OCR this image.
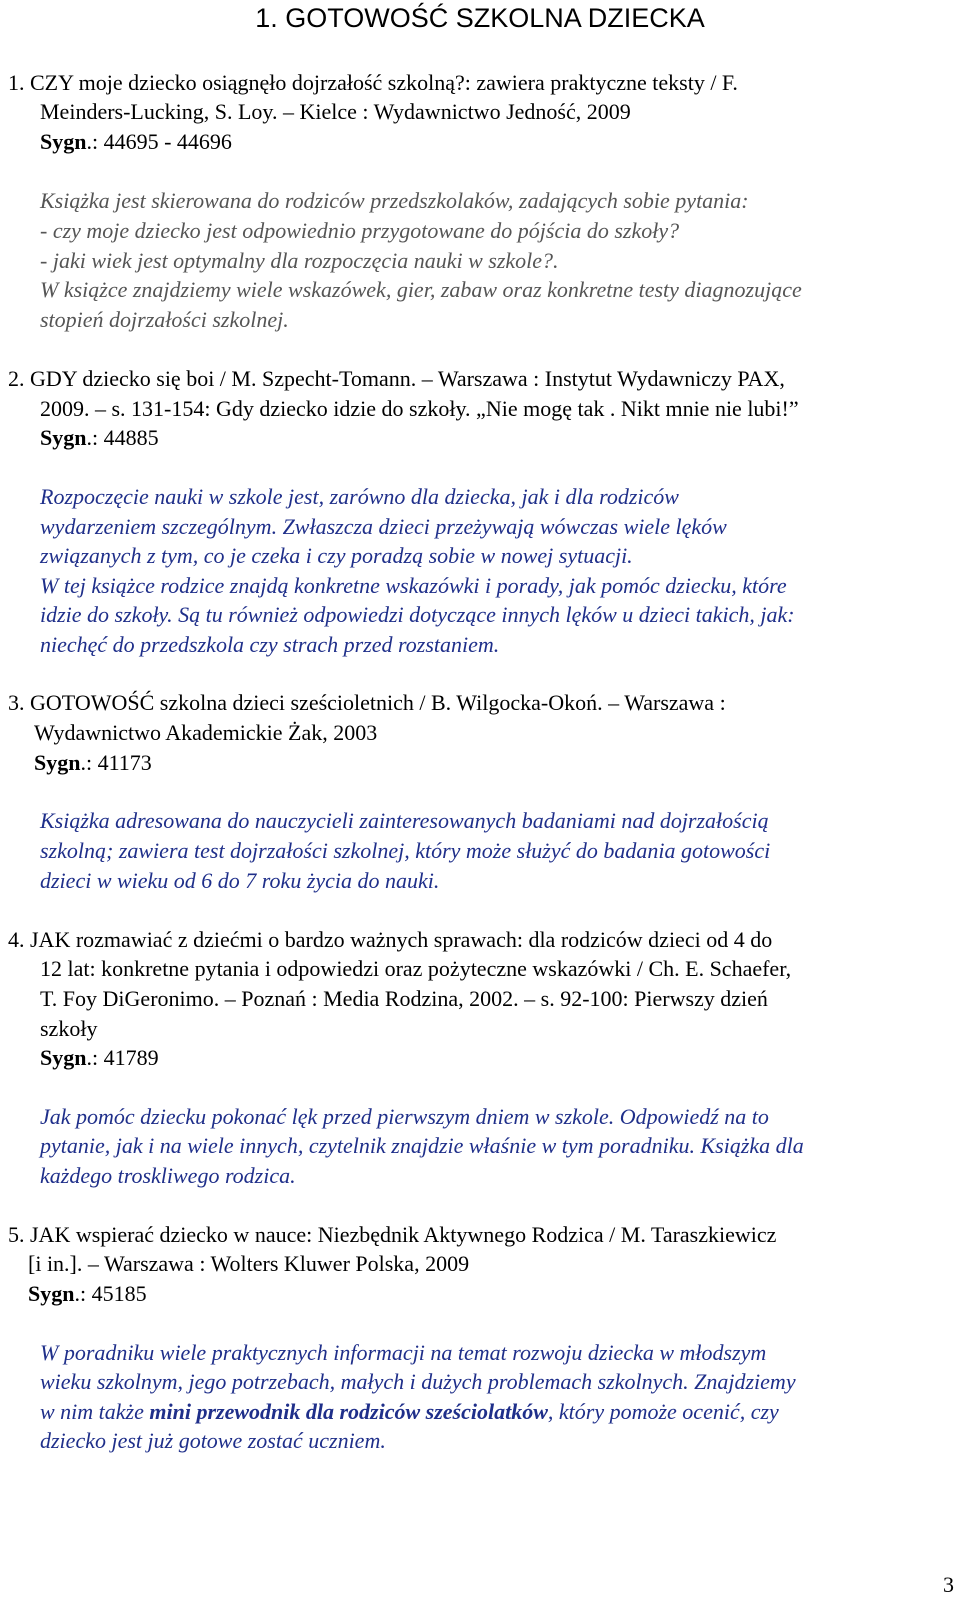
1. GOTOWOŚĆ SZKOLNA DZIECKA
1. CZY moje dziecko osiągnęło dojrzałość szkolną?: zawiera praktyczne teksty / F.
Meinders-Lucking, S. Loy. – Kielce : Wydawnictwo Jedność, 2009
Sygn.: 44695 - 44696
Książka jest skierowana do rodziców przedszkolaków, zadających sobie pytania:
- czy moje dziecko jest odpowiednio przygotowane do pójścia do szkoły?
- jaki wiek jest optymalny dla rozpoczęcia nauki w szkole?.
W książce znajdziemy wiele wskazówek, gier, zabaw oraz konkretne testy diagnozujące
stopień dojrzałości szkolnej.
2. GDY dziecko się boi / M. Szpecht-Tomann. – Warszawa : Instytut Wydawniczy PAX,
2009. – s. 131-154: Gdy dziecko idzie do szkoły. „Nie mogę tak . Nikt mnie nie lubi!”
Sygn.: 44885
Rozpoczęcie nauki w szkole jest, zarówno dla dziecka, jak i dla rodziców
wydarzeniem szczególnym. Zwłaszcza dzieci przeżywają wówczas wiele lęków
związanych z tym, co je czeka i czy poradzą sobie w nowej sytuacji.
W tej książce rodzice znajdą konkretne wskazówki i porady, jak pomóc dziecku, które
idzie do szkoły. Są tu również odpowiedzi dotyczące innych lęków u dzieci takich, jak:
niechęć do przedszkola czy strach przed rozstaniem.
3. GOTOWOŚĆ szkolna dzieci sześcioletnich / B. Wilgocka-Okoń. – Warszawa :
Wydawnictwo Akademickie Żak, 2003
Sygn.: 41173
Książka adresowana do nauczycieli zainteresowanych badaniami nad dojrzałością
szkolną; zawiera test dojrzałości szkolnej, który może służyć do badania gotowości
dzieci w wieku od 6 do 7 roku życia do nauki.
4. JAK rozmawiać z dziećmi o bardzo ważnych sprawach: dla rodziców dzieci od 4 do
12 lat: konkretne pytania i odpowiedzi oraz pożyteczne wskazówki / Ch. E. Schaefer,
T. Foy DiGeronimo. – Poznań : Media Rodzina, 2002. – s. 92-100: Pierwszy dzień
szkoły
Sygn.: 41789
Jak pomóc dziecku pokonać lęk przed pierwszym dniem w szkole. Odpowiedź na to
pytanie, jak i na wiele innych, czytelnik znajdzie właśnie w tym poradniku. Książka dla
każdego troskliwego rodzica.
5. JAK wspierać dziecko w nauce: Niezbędnik Aktywnego Rodzica / M. Taraszkiewicz
[i in.]. – Warszawa : Wolters Kluwer Polska, 2009
Sygn.: 45185
W poradniku wiele praktycznych informacji na temat rozwoju dziecka w młodszym
wieku szkolnym, jego potrzebach, małych i dużych problemach szkolnych. Znajdziemy
w nim także mini przewodnik dla rodziców sześciolatków, który pomoże ocenić, czy
dziecko jest już gotowe zostać uczniem.
3
